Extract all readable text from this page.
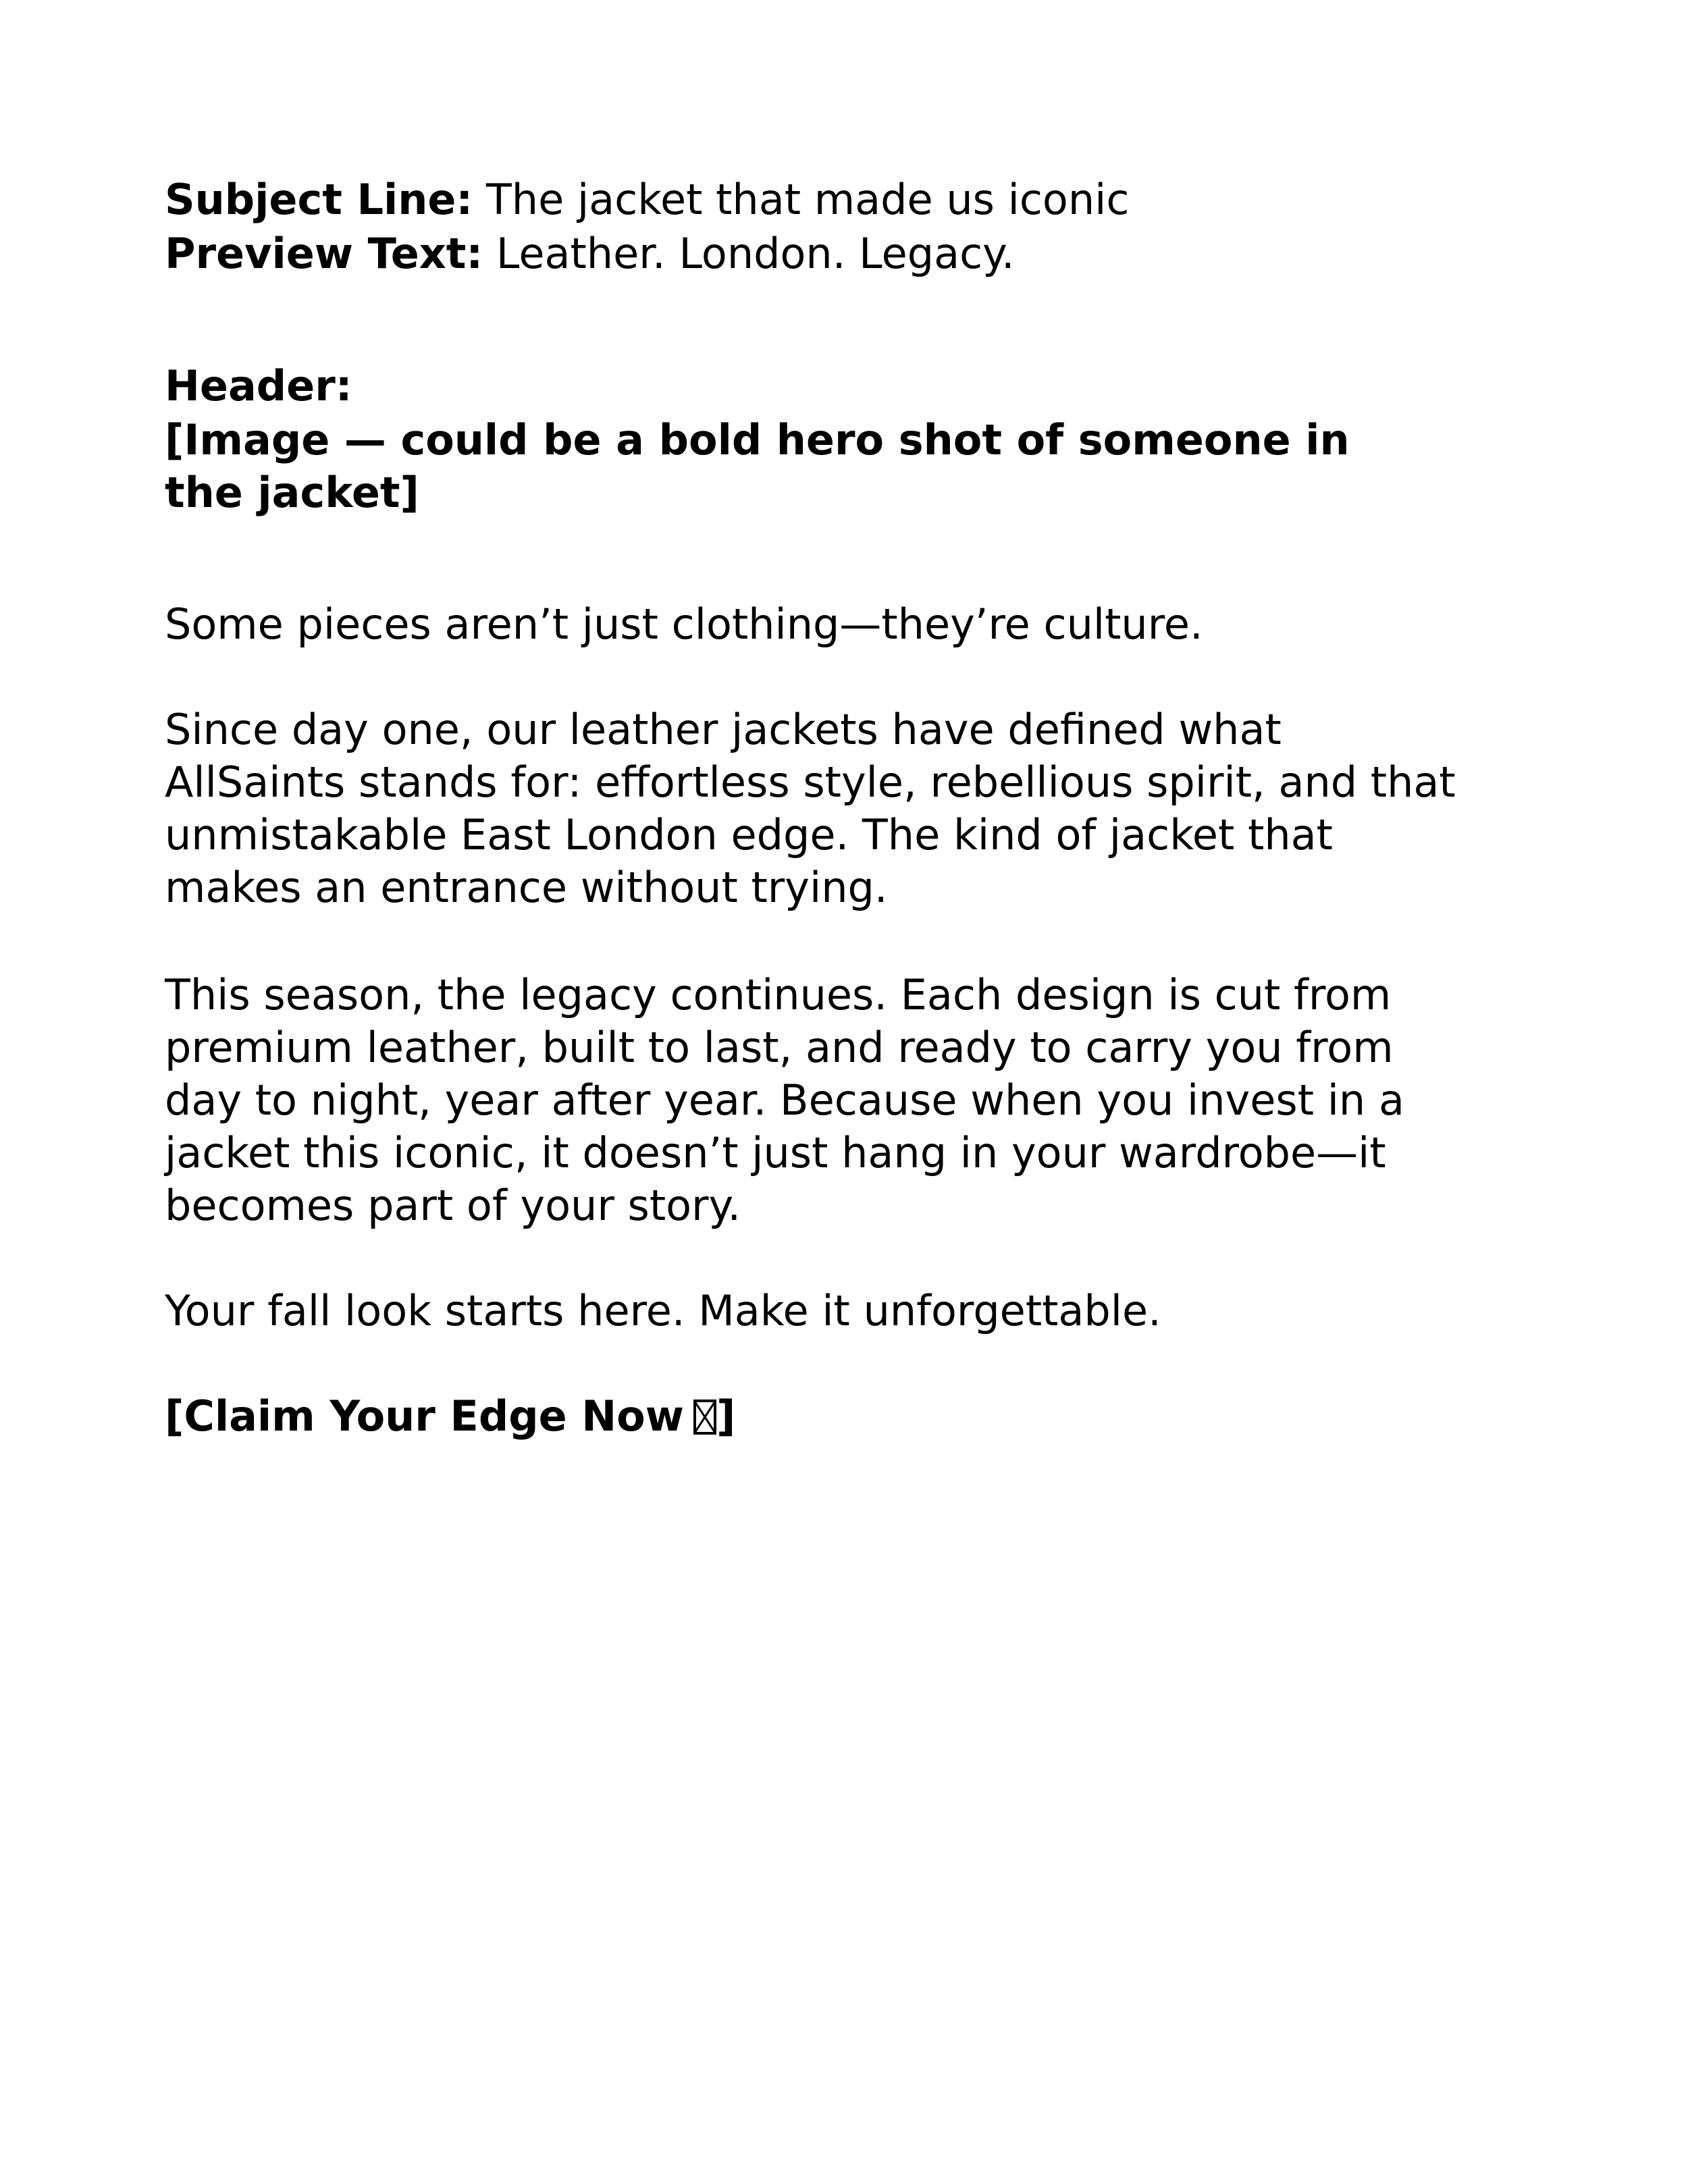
Subject Line: The jacket that made us iconic
Preview Text: Leather. London. Legacy.
Header:
[Image — could be a bold hero shot of someone in
the jacket]
Some pieces aren’t just clothing—they’re culture.
Since day one, our leather jackets have defined what
AllSaints stands for: effortless style, rebellious spirit, and that
unmistakable East London edge. The kind of jacket that
makes an entrance without trying.
This season, the legacy continues. Each design is cut from
premium leather, built to last, and ready to carry you from
day to night, year after year. Because when you invest in a
jacket this iconic, it doesn’t just hang in your wardrobe—it
becomes part of your story.
Your fall look starts here. Make it unforgettable.
[Claim Your Edge Now ]
